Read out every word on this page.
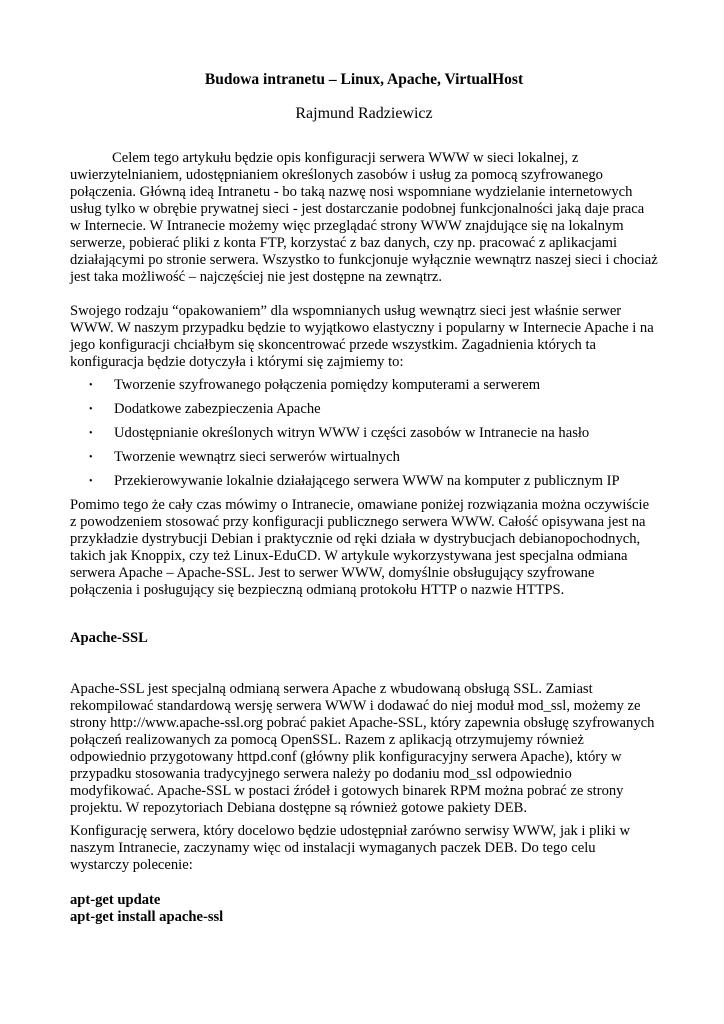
Budowa intranetu – Linux, Apache, VirtualHost
Rajmund Radziewicz

Celem tego artykułu będzie opis konfiguracji serwera WWW w sieci lokalnej, z uwierzytelnianiem, udostępnianiem określonych zasobów i usług za pomocą szyfrowanego połączenia. Główną ideą Intranetu - bo taką nazwę nosi wspomniane wydzielanie internetowych usług tylko w obrębie prywatnej sieci - jest dostarczanie podobnej funkcjonalności jaką daje praca w Internecie. W Intranecie możemy więc przeglądać strony WWW znajdujące się na lokalnym serwerze, pobierać pliki z konta FTP, korzystać z baz danych, czy np. pracować z aplikacjami działającymi po stronie serwera. Wszystko to funkcjonuje wyłącznie wewnątrz naszej sieci i chociaż jest taka możliwość – najczęściej nie jest dostępne na zewnątrz.

Swojego rodzaju “opakowaniem” dla wspomnianych usług wewnątrz sieci jest właśnie serwer WWW. W naszym przypadku będzie to wyjątkowo elastyczny i popularny w Internecie Apache i na jego konfiguracji chciałbym się skoncentrować przede wszystkim. Zagadnienia których ta konfiguracja będzie dotyczyła i którymi się zajmiemy to:

• Tworzenie szyfrowanego połączenia pomiędzy komputerami a serwerem
• Dodatkowe zabezpieczenia Apache
• Udostępnianie określonych witryn WWW i części zasobów w Intranecie na hasło
• Tworzenie wewnątrz sieci serwerów wirtualnych
• Przekierowywanie lokalnie działającego serwera WWW na komputer z publicznym IP

Pomimo tego że cały czas mówimy o Intranecie, omawiane poniżej rozwiązania można oczywiście z powodzeniem stosować przy konfiguracji publicznego serwera WWW. Całość opisywana jest na przykładzie dystrybucji Debian i praktycznie od ręki działa w dystrybucjach debianopochodnych, takich jak Knoppix, czy też Linux-EduCD. W artykule wykorzystywana jest specjalna odmiana serwera Apache – Apache-SSL. Jest to serwer WWW, domyślnie obsługujący szyfrowane połączenia i posługujący się bezpieczną odmianą protokołu HTTP o nazwie HTTPS.

Apache-SSL

Apache-SSL jest specjalną odmianą serwera Apache z wbudowaną obsługą SSL. Zamiast rekompilować standardową wersję serwera WWW i dodawać do niej moduł mod_ssl, możemy ze strony http://www.apache-ssl.org pobrać pakiet Apache-SSL, który zapewnia obsługę szyfrowanych połączeń realizowanych za pomocą OpenSSL. Razem z aplikacją otrzymujemy również odpowiednio przygotowany httpd.conf (główny plik konfiguracyjny serwera Apache), który w przypadku stosowania tradycyjnego serwera należy po dodaniu mod_ssl odpowiednio modyfikować. Apache-SSL w postaci źródeł i gotowych binarek RPM można pobrać ze strony projektu. W repozytoriach Debiana dostępne są również gotowe pakiety DEB.

Konfigurację serwera, który docelowo będzie udostępniał zarówno serwisy WWW, jak i pliki w naszym Intranecie, zaczynamy więc od instalacji wymaganych paczek DEB. Do tego celu wystarczy polecenie:

apt-get update
apt-get install apache-ssl
